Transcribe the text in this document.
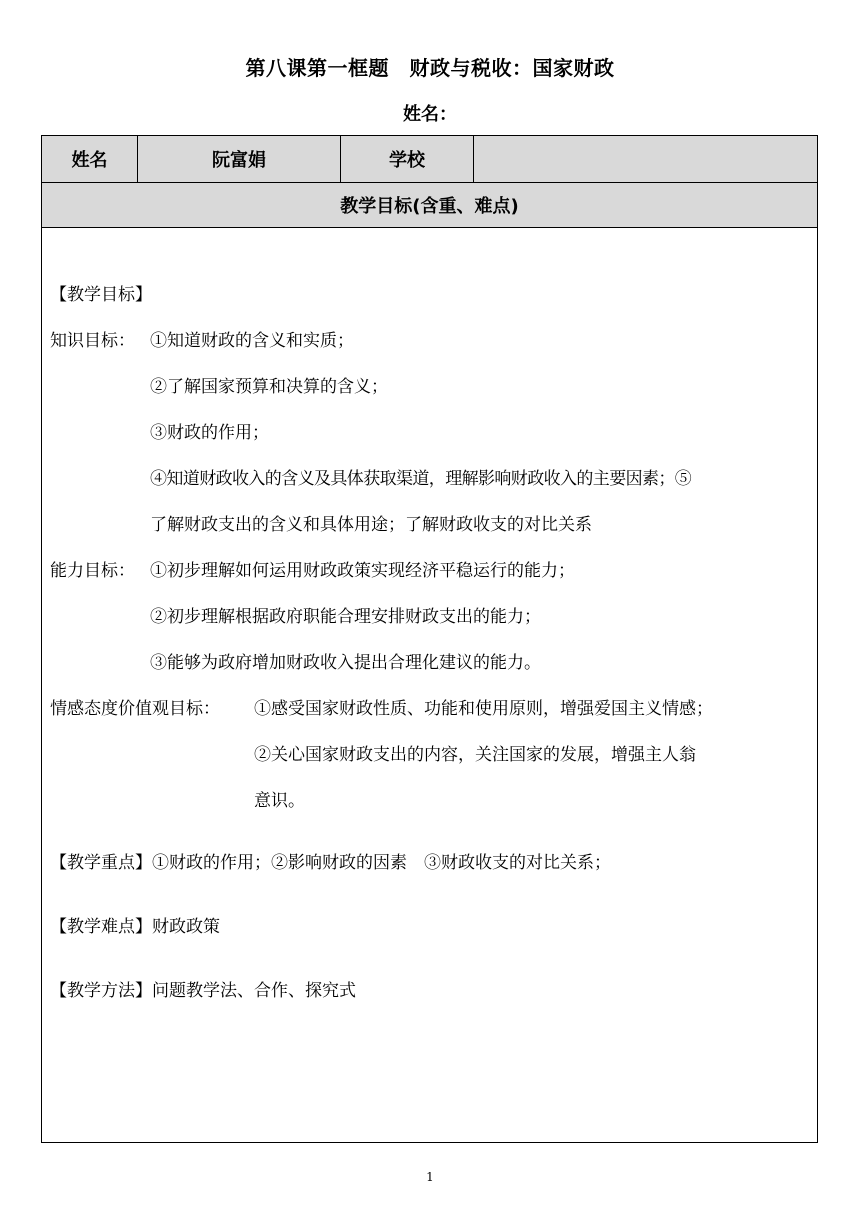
第八课第一框题　财政与税收：国家财政
姓名：
姓名	阮富娟	学校
教学目标(含重、难点)
【教学目标】
知识目标： ①知道财政的含义和实质；
②了解国家预算和决算的含义；
③财政的作用；
④知道财政收入的含义及具体获取渠道，理解影响财政收入的主要因素；⑤
了解财政支出的含义和具体用途；了解财政收支的对比关系
能力目标： ①初步理解如何运用财政政策实现经济平稳运行的能力；
②初步理解根据政府职能合理安排财政支出的能力；
③能够为政府增加财政收入提出合理化建议的能力。
情感态度价值观目标： ①感受国家财政性质、功能和使用原则，增强爱国主义情感；
②关心国家财政支出的内容，关注国家的发展，增强主人翁
意识。
【教学重点】①财政的作用；②影响财政的因素　③财政收支的对比关系；
【教学难点】财政政策
【教学方法】问题教学法、合作、探究式
1
